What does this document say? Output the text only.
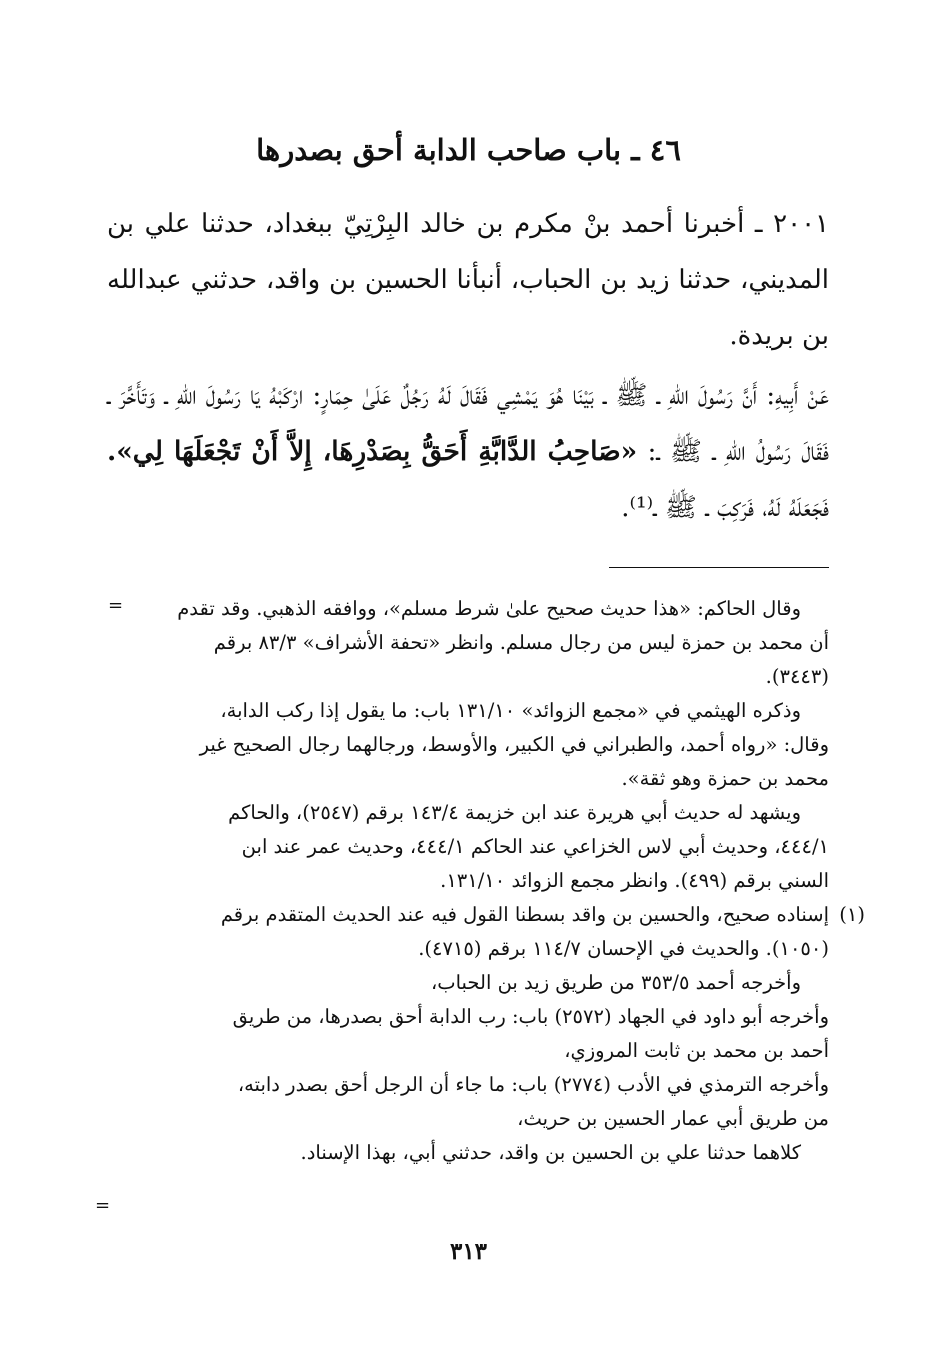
٤٦ ـ باب صاحب الدابة أحق بصدرها
٢٠٠١ ـ أخبرنا أحمد بنْ مكرم بن خالد البِرْتِيّ ببغداد، حدثنا علي بن المديني، حدثنا زيد بن الحباب، أنبأنا الحسين بن واقد، حدثني عبدالله بن بريدة.
عَنْ أَبِيهِ: أَنَّ رَسُولَ اللهِ ـ ﷺ ـ بَيْنَا هُوَ يَمْشِي فَقَالَ لَهُ رَجُلٌ عَلَىٰ حِمَارٍ: ارْكَبْهُ يَا رَسُولَ اللهِ ـ وَتَأَخَّرَ ـ فَقَالَ رَسُولُ اللهِ ـ ﷺ ـ: «صَاحِبُ الدَّابَّةِ أَحَقُّ بِصَدْرِهَا، إِلاَّ أَنْ تَجْعَلَهَا لِي». فَجَعَلَهُ لَهُ، فَرَكِبَ ـ ﷺ ـ⁽¹⁾.
=	وقال الحاكم: «هذا حديث صحيح علىٰ شرط مسلم»، ووافقه الذهبي. وقد تقدم

أن محمد بن حمزة ليس من رجال مسلم. وانظر «تحفة الأشراف» ٨٣/٣ برقم

(٣٤٤٣).

وذكره الهيثمي في «مجمع الزوائد» ١٣١/١٠ باب: ما يقول إذا ركب الدابة،

وقال: «رواه أحمد، والطبراني في الكبير، والأوسط، ورجالهما رجال الصحيح غير

محمد بن حمزة وهو ثقة».

ويشهد له حديث أبي هريرة عند ابن خزيمة ١٤٣/٤ برقم (٢٥٤٧)، والحاكم

٤٤٤/١، وحديث أبي لاس الخزاعي عند الحاكم ٤٤٤/١، وحديث عمر عند ابن

السني برقم (٤٩٩). وانظر مجمع الزوائد ١٣١/١٠.

(١)
إسناده صحيح، والحسين بن واقد بسطنا القول فيه عند الحديث المتقدم برقم

(١٠٥٠). والحديث في الإحسان ١١٤/٧ برقم (٤٧١٥).

وأخرجه أحمد ٣٥٣/٥ من طريق زيد بن الحباب،

وأخرجه أبو داود في الجهاد (٢٥٧٢) باب: رب الدابة أحق بصدرها، من طريق

أحمد بن محمد بن ثابت المروزي،

وأخرجه الترمذي في الأدب (٢٧٧٤) باب: ما جاء أن الرجل أحق بصدر دابته،

من طريق أبي عمار الحسين بن حريث،

كلاهما حدثنا علي بن الحسين بن واقد، حدثني أبي، بهذا الإسناد.

=
٣١٣
